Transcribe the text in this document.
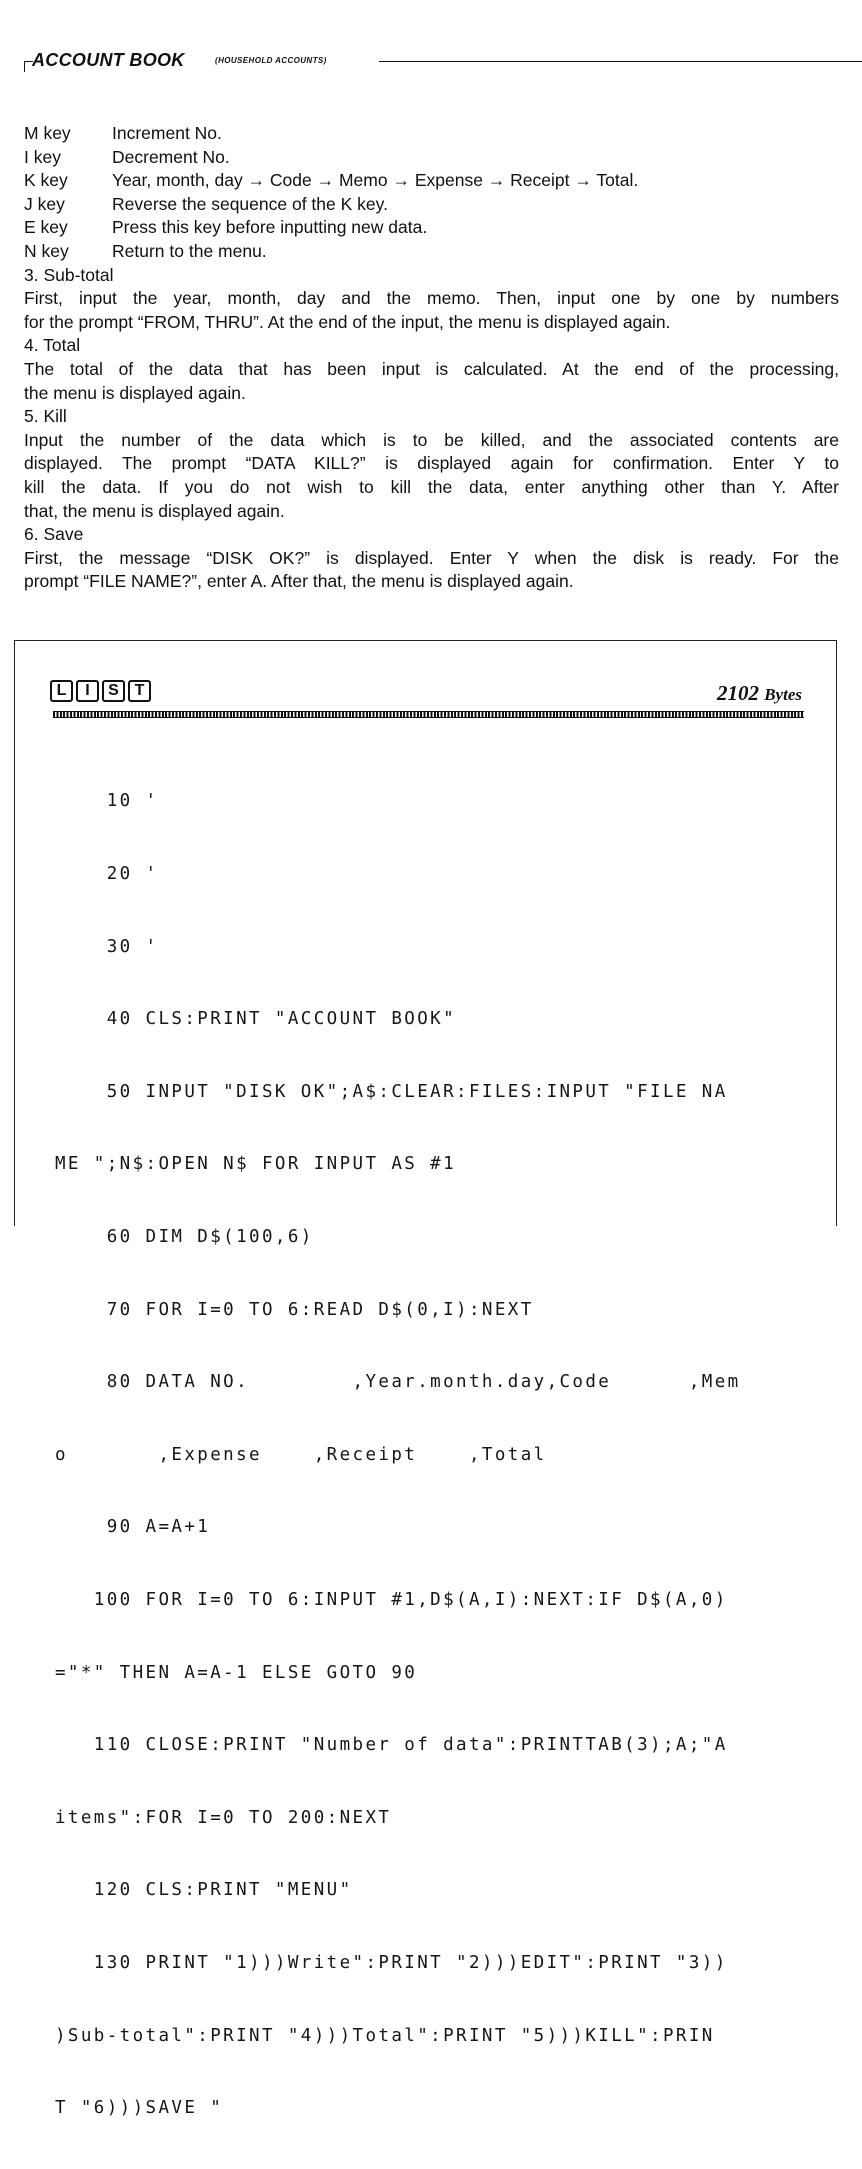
ACCOUNT BOOK	(HOUSEHOLD ACCOUNTS)
M key	Increment No.
I key	Decrement No.
K key	Year, month, day → Code → Memo → Expense → Receipt → Total.
J key	Reverse the sequence of the K key.
E key	Press this key before inputting new data.
N key	Return to the menu.
3. Sub-total
First, input the year, month, day and the memo. Then, input one by one by numbers
for the prompt “FROM, THRU”. At the end of the input, the menu is displayed again.
4. Total
The total of the data that has been input is calculated. At the end of the processing,
the menu is displayed again.
5. Kill
Input the number of the data which is to be killed, and the associated contents are
displayed. The prompt “DATA KILL?” is displayed again for confirmation. Enter Y to
kill the data. If you do not wish to kill the data, enter anything other than Y. After
that, the menu is displayed again.
6. Save
First, the message “DISK OK?” is displayed. Enter Y when the disk is ready. For the
prompt “FILE NAME?”, enter A. After that, the menu is displayed again.
L	I	S T	2102 Bytes

10 '

20 '

30 '

40 CLS:PRINT "ACCOUNT BOOK"

50 INPUT "DISK OK";A$:CLEAR:FILES:INPUT "FILE NA

ME ";N$:OPEN N$ FOR INPUT AS #1

60 DIM D$(100,6)

70 FOR I=0 TO 6:READ D$(0,I):NEXT

80 DATA NO.        ,Year.month.day,Code      ,Mem

o       ,Expense    ,Receipt    ,Total

90 A=A+1

100 FOR I=0 TO 6:INPUT #1,D$(A,I):NEXT:IF D$(A,0)

="*" THEN A=A-1 ELSE GOTO 90

110 CLOSE:PRINT "Number of data":PRINTTAB(3);A;"A

items":FOR I=0 TO 200:NEXT

120 CLS:PRINT "MENU"

130 PRINT "1)))Write":PRINT "2)))EDIT":PRINT "3))

)Sub-total":PRINT "4)))Total":PRINT "5)))KILL":PRIN

T "6)))SAVE "
